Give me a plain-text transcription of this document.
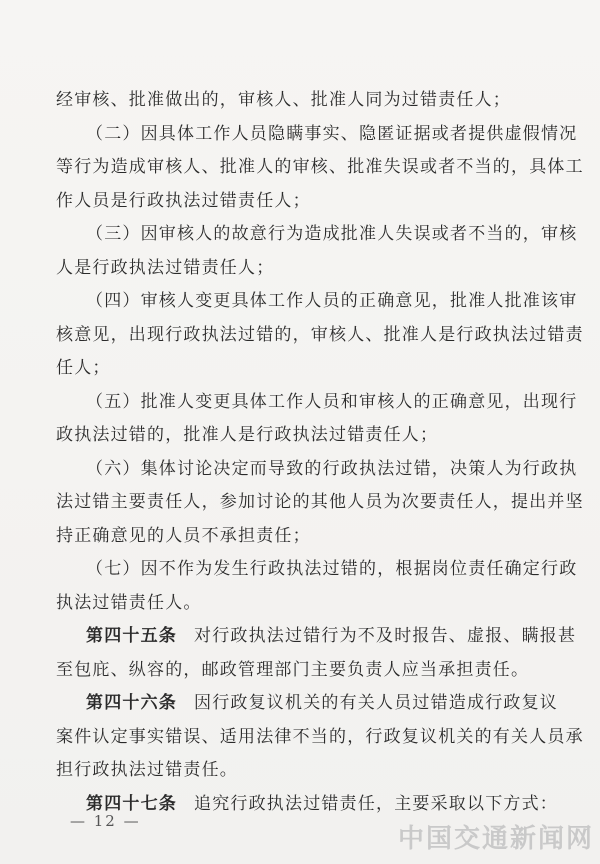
经审核、批准做出的，审核人、批准人同为过错责任人；
（二）因具体工作人员隐瞒事实、隐匿证据或者提供虚假情况
等行为造成审核人、批准人的审核、批准失误或者不当的，具体工
作人员是行政执法过错责任人；
（三）因审核人的故意行为造成批准人失误或者不当的，审核
人是行政执法过错责任人；
（四）审核人变更具体工作人员的正确意见，批准人批准该审
核意见，出现行政执法过错的，审核人、批准人是行政执法过错责
任人；
（五）批准人变更具体工作人员和审核人的正确意见，出现行
政执法过错的，批准人是行政执法过错责任人；
（六）集体讨论决定而导致的行政执法过错，决策人为行政执
法过错主要责任人，参加讨论的其他人员为次要责任人，提出并坚
持正确意见的人员不承担责任；
（七）因不作为发生行政执法过错的，根据岗位责任确定行政
执法过错责任人。
第四十五条 对行政执法过错行为不及时报告、虚报、瞒报甚
至包庇、纵容的，邮政管理部门主要负责人应当承担责任。
第四十六条 因行政复议机关的有关人员过错造成行政复议
案件认定事实错误、适用法律不当的，行政复议机关的有关人员承
担行政执法过错责任。
— 12 —
中国交通新闻网
第四十七条 追究行政执法过错责任，主要采取以下方式：
